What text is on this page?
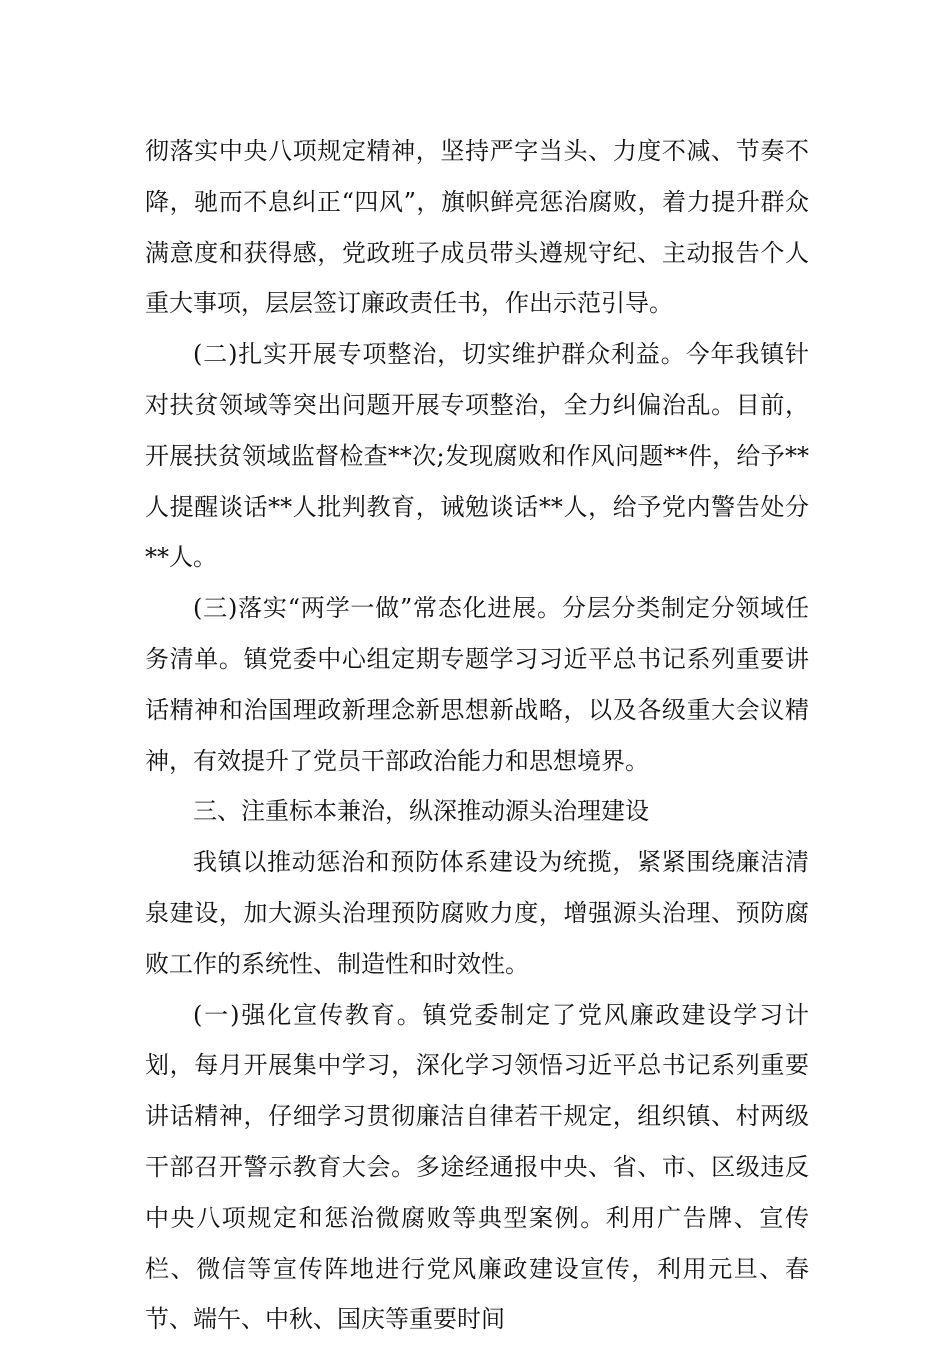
彻落实中央八项规定精神，坚持严字当头、力度不减、节奏不降，驰而不息纠正“四风”，旗帜鲜亮惩治腐败，着力提升群众满意度和获得感，党政班子成员带头遵规守纪、主动报告个人重大事项，层层签订廉政责任书，作出示范引导。

(二)扎实开展专项整治，切实维护群众利益。今年我镇针对扶贫领域等突出问题开展专项整治，全力纠偏治乱。目前，开展扶贫领域监督检查**次;发现腐败和作风问题**件，给予**人提醒谈话**人批判教育，诫勉谈话**人，给予党内警告处分**人。

(三)落实“两学一做”常态化进展。分层分类制定分领域任务清单。镇党委中心组定期专题学习习近平总书记系列重要讲话精神和治国理政新理念新思想新战略，以及各级重大会议精神，有效提升了党员干部政治能力和思想境界。

三、注重标本兼治，纵深推动源头治理建设

我镇以推动惩治和预防体系建设为统揽，紧紧围绕廉洁清泉建设，加大源头治理预防腐败力度，增强源头治理、预防腐败工作的系统性、制造性和时效性。

(一)强化宣传教育。镇党委制定了党风廉政建设学习计划，每月开展集中学习，深化学习领悟习近平总书记系列重要讲话精神，仔细学习贯彻廉洁自律若干规定，组织镇、村两级干部召开警示教育大会。多途经通报中央、省、市、区级违反中央八项规定和惩治微腐败等典型案例。利用广告牌、宣传栏、微信等宣传阵地进行党风廉政建设宣传，利用元旦、春节、端午、中秋、国庆等重要时间
